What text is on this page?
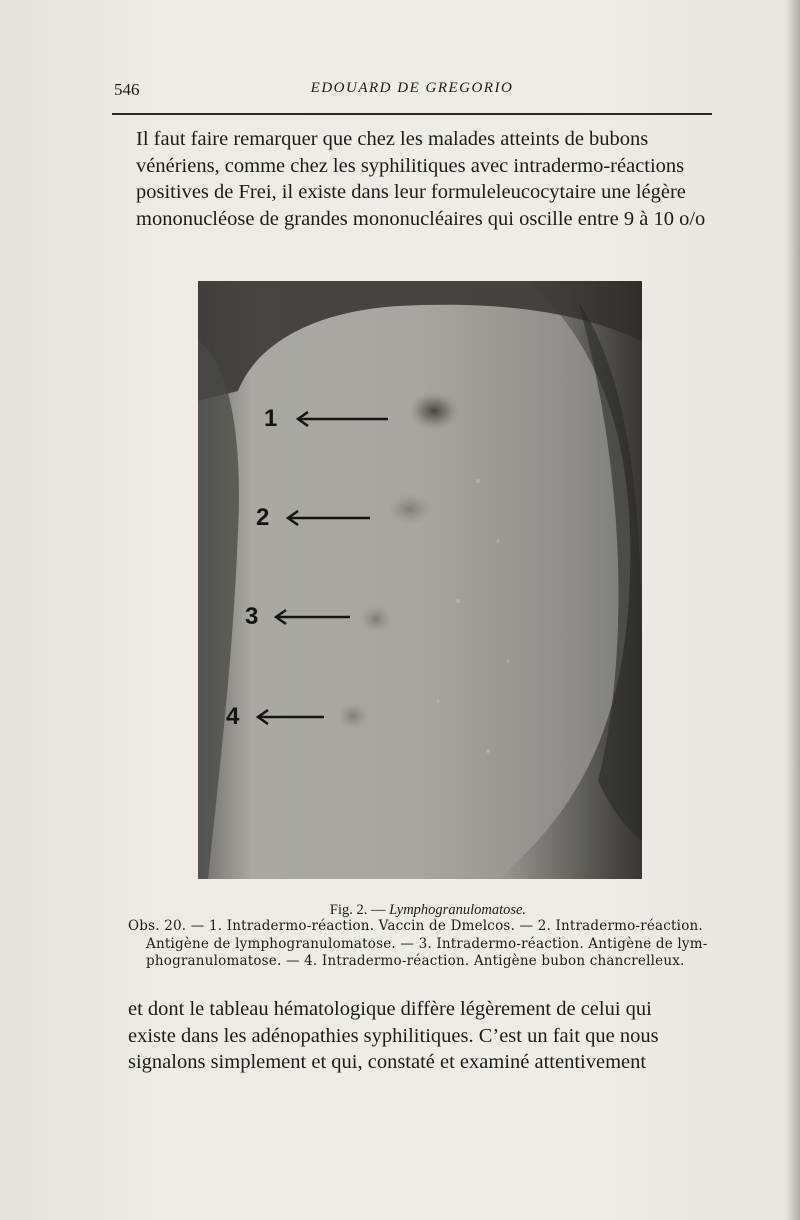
546	EDOUARD DE GREGORIO
Il faut faire remarquer que chez les malades atteints de bubons
vénériens, comme chez les syphilitiques avec intradermo-réactions
positives de Frei, il existe dans leur formuleleucocytaire une légère
mononucléose de grandes mononucléaires qui oscille entre 9 à 10 o/o
1
2
3
4
Fig. 2. — Lymphogranulomatose.
Obs. 20. — 1. Intradermo-réaction. Vaccin de Dmelcos. — 2. Intradermo-réaction.
Antigène de lymphogranulomatose. — 3. Intradermo-réaction. Antigène de lym-
phogranulomatose. — 4. Intradermo-réaction. Antigène bubon chancrelleux.
et dont le tableau hématologique diffère légèrement de celui qui
existe dans les adénopathies syphilitiques. C’est un fait que nous
signalons simplement et qui, constaté et examiné attentivement
